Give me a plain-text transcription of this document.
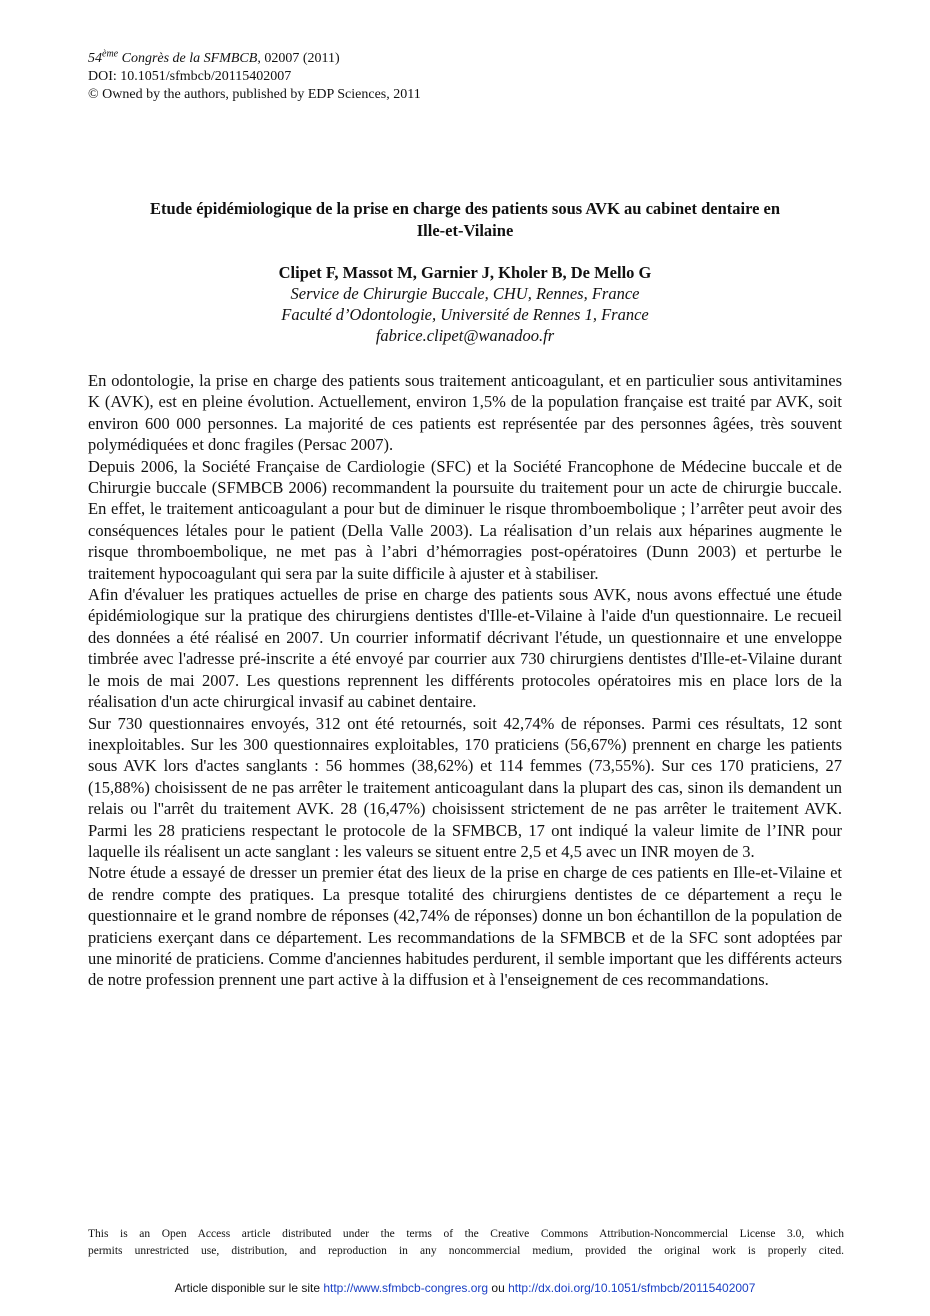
54ème Congrès de la SFMBCB, 02007 (2011)
DOI: 10.1051/sfmbcb/20115402007
© Owned by the authors, published by EDP Sciences, 2011
Etude épidémiologique de la prise en charge des patients sous AVK au cabinet dentaire en
Ille-et-Vilaine
Clipet F, Massot M, Garnier J, Kholer B, De Mello G
Service de Chirurgie Buccale, CHU, Rennes, France
Faculté d’Odontologie, Université de Rennes 1, France
fabrice.clipet@wanadoo.fr

En odontologie, la prise en charge des patients sous traitement anticoagulant, et en particulier sous antivitamines K (AVK), est en pleine évolution. Actuellement, environ 1,5% de la population française est traité par AVK, soit environ 600 000 personnes. La majorité de ces patients est représentée par des personnes âgées, très souvent polymédiquées et donc fragiles (Persac 2007).

Depuis 2006, la Société Française de Cardiologie (SFC) et la Société Francophone de Médecine buccale et de Chirurgie buccale (SFMBCB 2006) recommandent la poursuite du traitement pour un acte de chirurgie buccale. En effet, le traitement anticoagulant a pour but de diminuer le risque thromboembolique ; l’arrêter peut avoir des conséquences létales pour le patient (Della Valle 2003). La réalisation d’un relais aux héparines augmente le risque thromboembolique, ne met pas à l’abri d’hémorragies post-opératoires (Dunn 2003) et perturbe le traitement hypocoagulant qui sera par la suite difficile à ajuster et à stabiliser.

Afin d'évaluer les pratiques actuelles de prise en charge des patients sous AVK, nous avons effectué une étude épidémiologique sur la pratique des chirurgiens dentistes d'Ille-et-Vilaine à l'aide d'un questionnaire. Le recueil des données a été réalisé en 2007. Un courrier informatif décrivant l'étude, un questionnaire et une enveloppe timbrée avec l'adresse pré-inscrite a été envoyé par courrier aux 730 chirurgiens dentistes d'Ille-et-Vilaine durant le mois de mai 2007. Les questions reprennent les différents protocoles opératoires mis en place lors de la réalisation d'un acte chirurgical invasif au cabinet dentaire.

Sur 730 questionnaires envoyés, 312 ont été retournés, soit 42,74% de réponses. Parmi ces résultats, 12 sont inexploitables. Sur les 300 questionnaires exploitables, 170 praticiens (56,67%) prennent en charge les patients sous AVK lors d'actes sanglants : 56 hommes (38,62%) et 114 femmes (73,55%). Sur ces 170 praticiens, 27 (15,88%) choisissent de ne pas arrêter le traitement anticoagulant dans la plupart des cas, sinon ils demandent un relais ou l''arrêt du traitement AVK. 28 (16,47%) choisissent strictement de ne pas arrêter le traitement AVK. Parmi les 28 praticiens respectant le protocole de la SFMBCB, 17 ont indiqué la valeur limite de l’INR pour laquelle ils réalisent un acte sanglant : les valeurs se situent entre 2,5 et 4,5 avec un INR moyen de 3.

Notre étude a essayé de dresser un premier état des lieux de la prise en charge de ces patients en Ille-et-Vilaine et de rendre compte des pratiques. La presque totalité des chirurgiens dentistes de ce département a reçu le questionnaire et le grand nombre de réponses (42,74% de réponses) donne un bon échantillon de la population de praticiens exerçant dans ce département. Les recommandations de la SFMBCB et de la SFC sont adoptées par une minorité de praticiens. Comme d'anciennes habitudes perdurent, il semble important que les différents acteurs de notre profession prennent une part active à la diffusion et à l'enseignement de ces recommandations.

This is an Open Access article distributed under the terms of the Creative Commons Attribution-Noncommercial License 3.0, which
permits unrestricted use, distribution, and reproduction in any noncommercial medium, provided the original work is properly cited.
Article disponible sur le site http://www.sfmbcb-congres.org ou http://dx.doi.org/10.1051/sfmbcb/20115402007
